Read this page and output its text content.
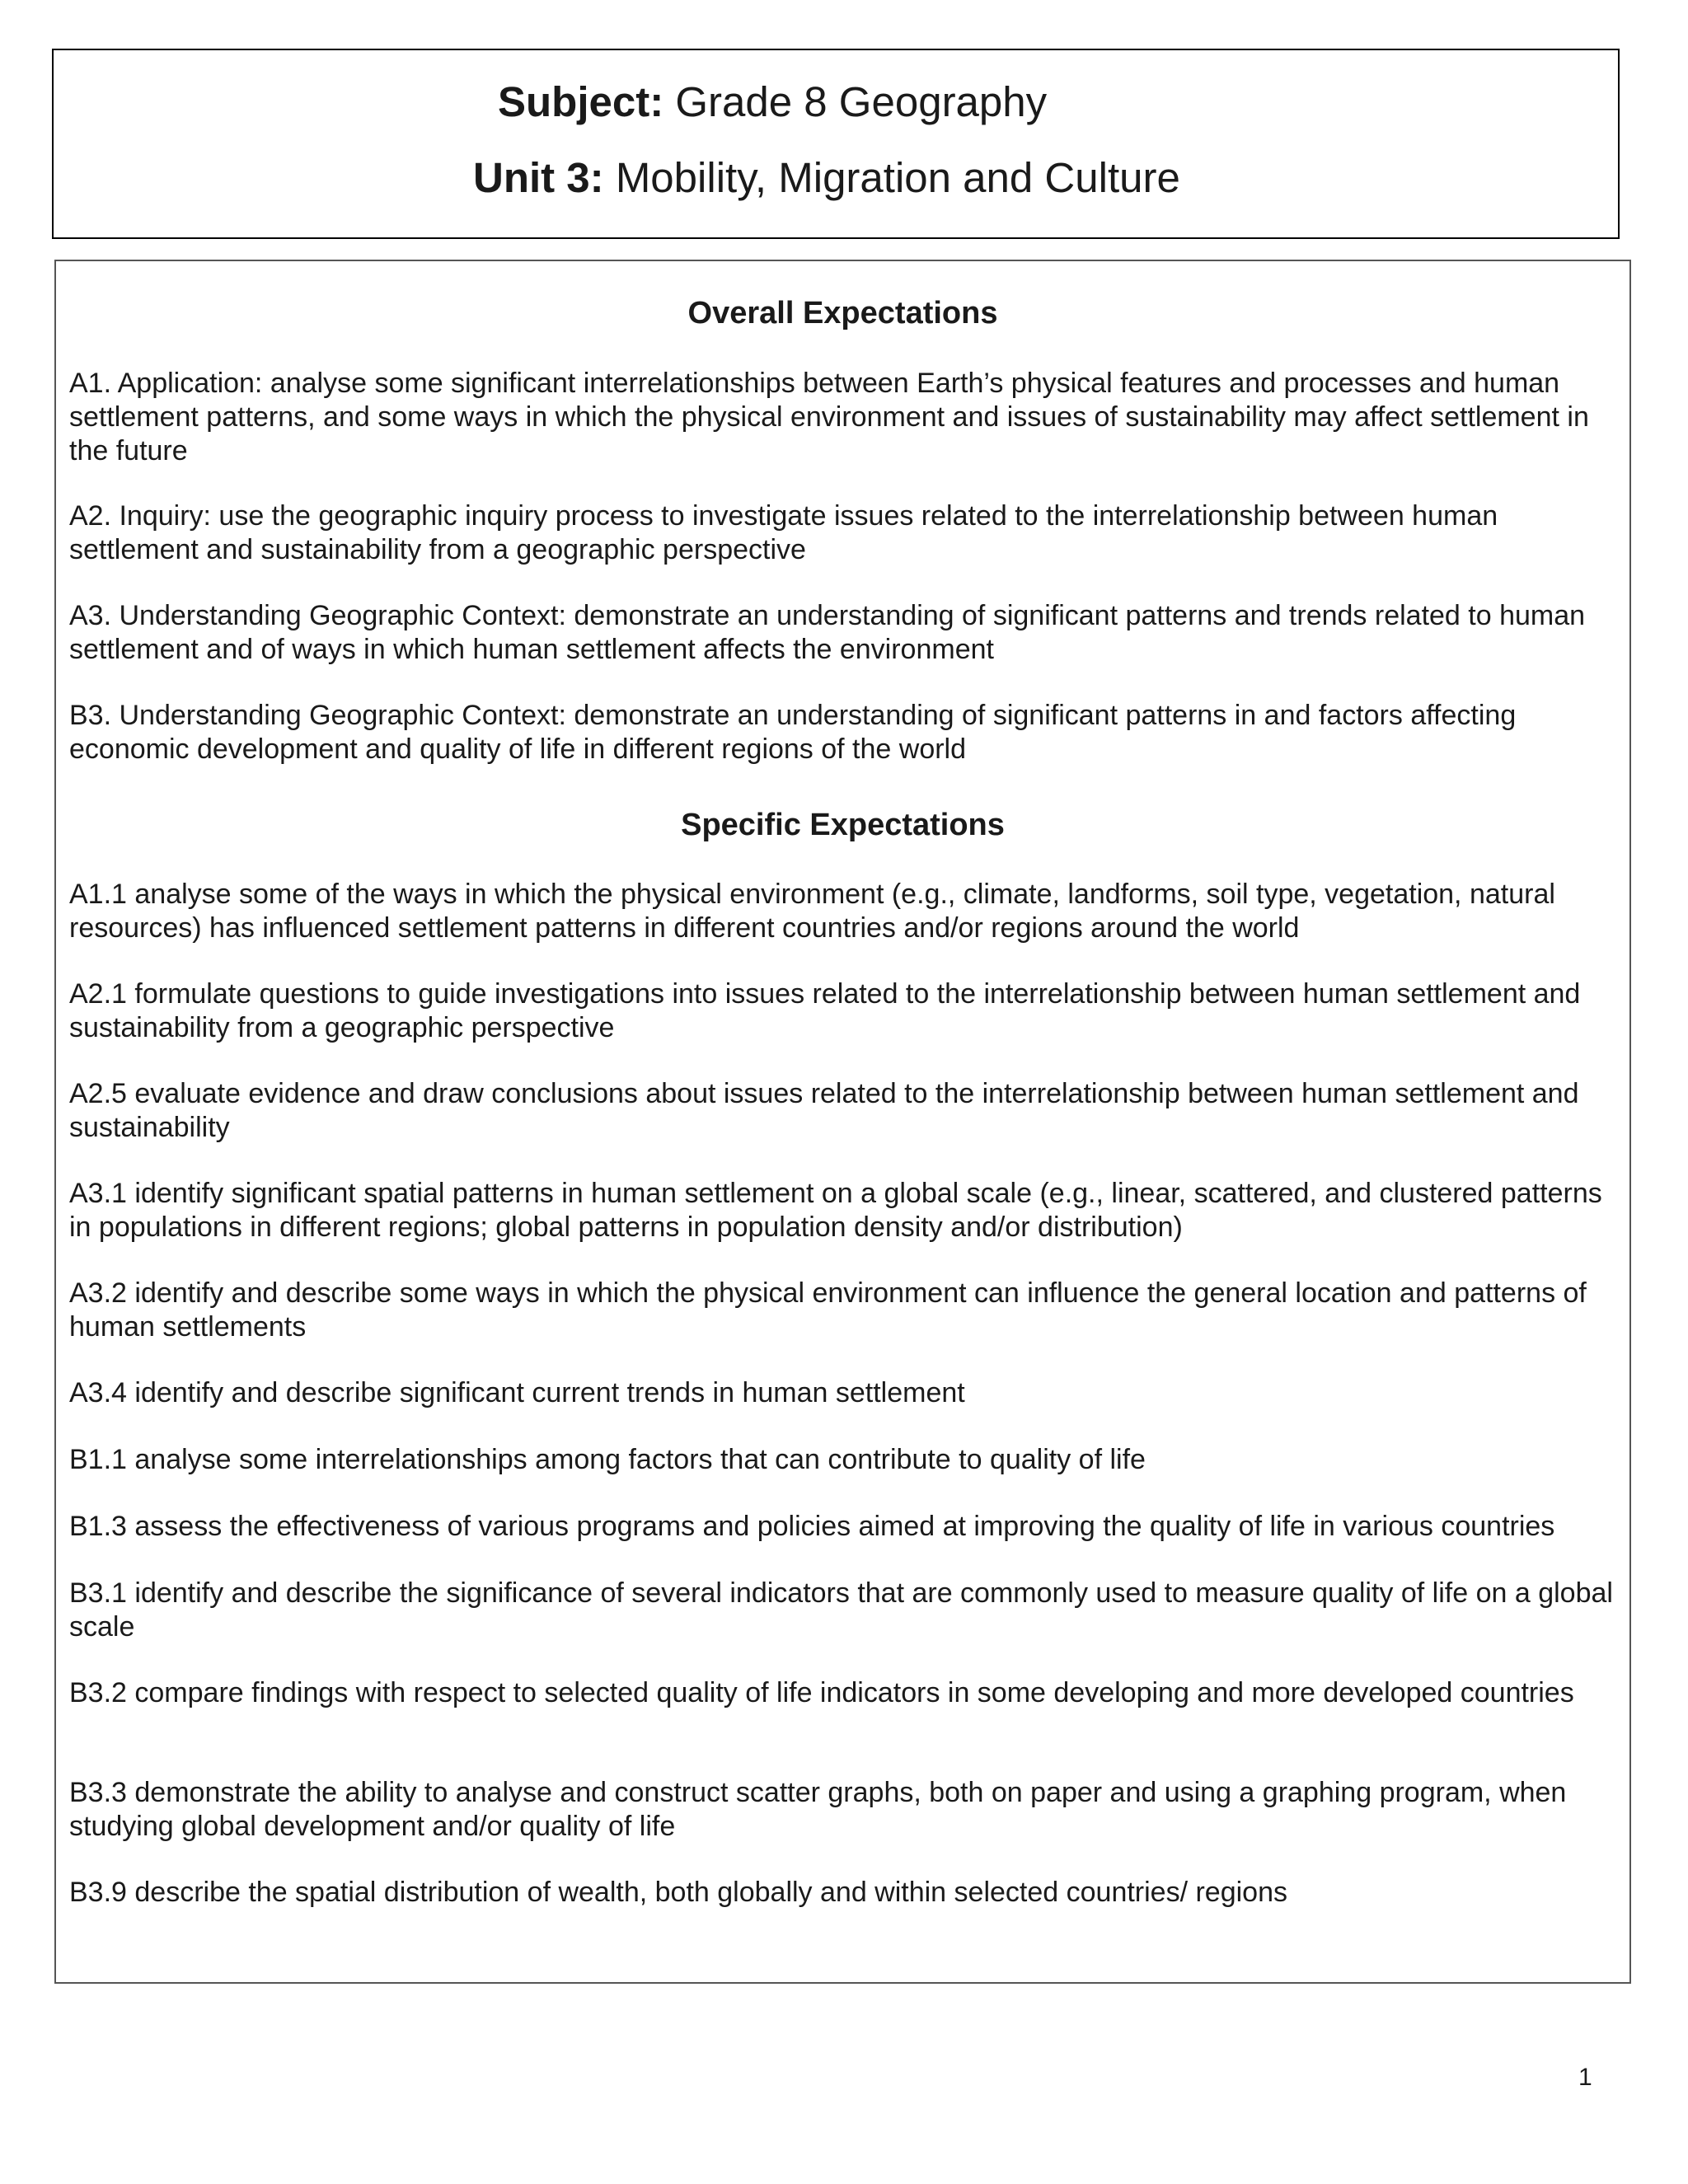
Subject: Grade 8 Geography
Unit 3: Mobility, Migration and Culture
Overall Expectations

A1. Application: analyse some significant interrelationships between Earth’s physical features and processes and human settlement patterns, and some ways in which the physical environment and issues of sustainability may affect settlement in the future

A2. Inquiry: use the geographic inquiry process to investigate issues related to the interrelationship between human settlement and sustainability from a geographic perspective

A3. Understanding Geographic Context: demonstrate an understanding of significant patterns and trends related to human settlement and of ways in which human settlement affects the environment

B3. Understanding Geographic Context: demonstrate an understanding of significant patterns in and factors affecting economic development and quality of life in different regions of the world

Specific Expectations

A1.1 analyse some of the ways in which the physical environment (e.g., climate, landforms, soil type, vegetation, natural resources) has influenced settlement patterns in different countries and/or regions around the world

A2.1 formulate questions to guide investigations into issues related to the interrelationship between human settlement and sustainability from a geographic perspective

A2.5 evaluate evidence and draw conclusions about issues related to the interrelationship between human settlement and sustainability

A3.1 identify significant spatial patterns in human settlement on a global scale (e.g., linear, scattered, and clustered patterns in populations in different regions; global patterns in population density and/or distribution)

A3.2 identify and describe some ways in which the physical environment can influence the general location and patterns of human settlements

A3.4 identify and describe significant current trends in human settlement

B1.1 analyse some interrelationships among factors that can contribute to quality of life

B1.3 assess the effectiveness of various programs and policies aimed at improving the quality of life in various countries

B3.1 identify and describe the significance of several indicators that are commonly used to measure quality of life on a global scale

B3.2 compare findings with respect to selected quality of life indicators in some developing and more developed countries

B3.3 demonstrate the ability to analyse and construct scatter graphs, both on paper and using a graphing program, when studying global development and/or quality of life

B3.9 describe the spatial distribution of wealth, both globally and within selected countries/ regions

1
